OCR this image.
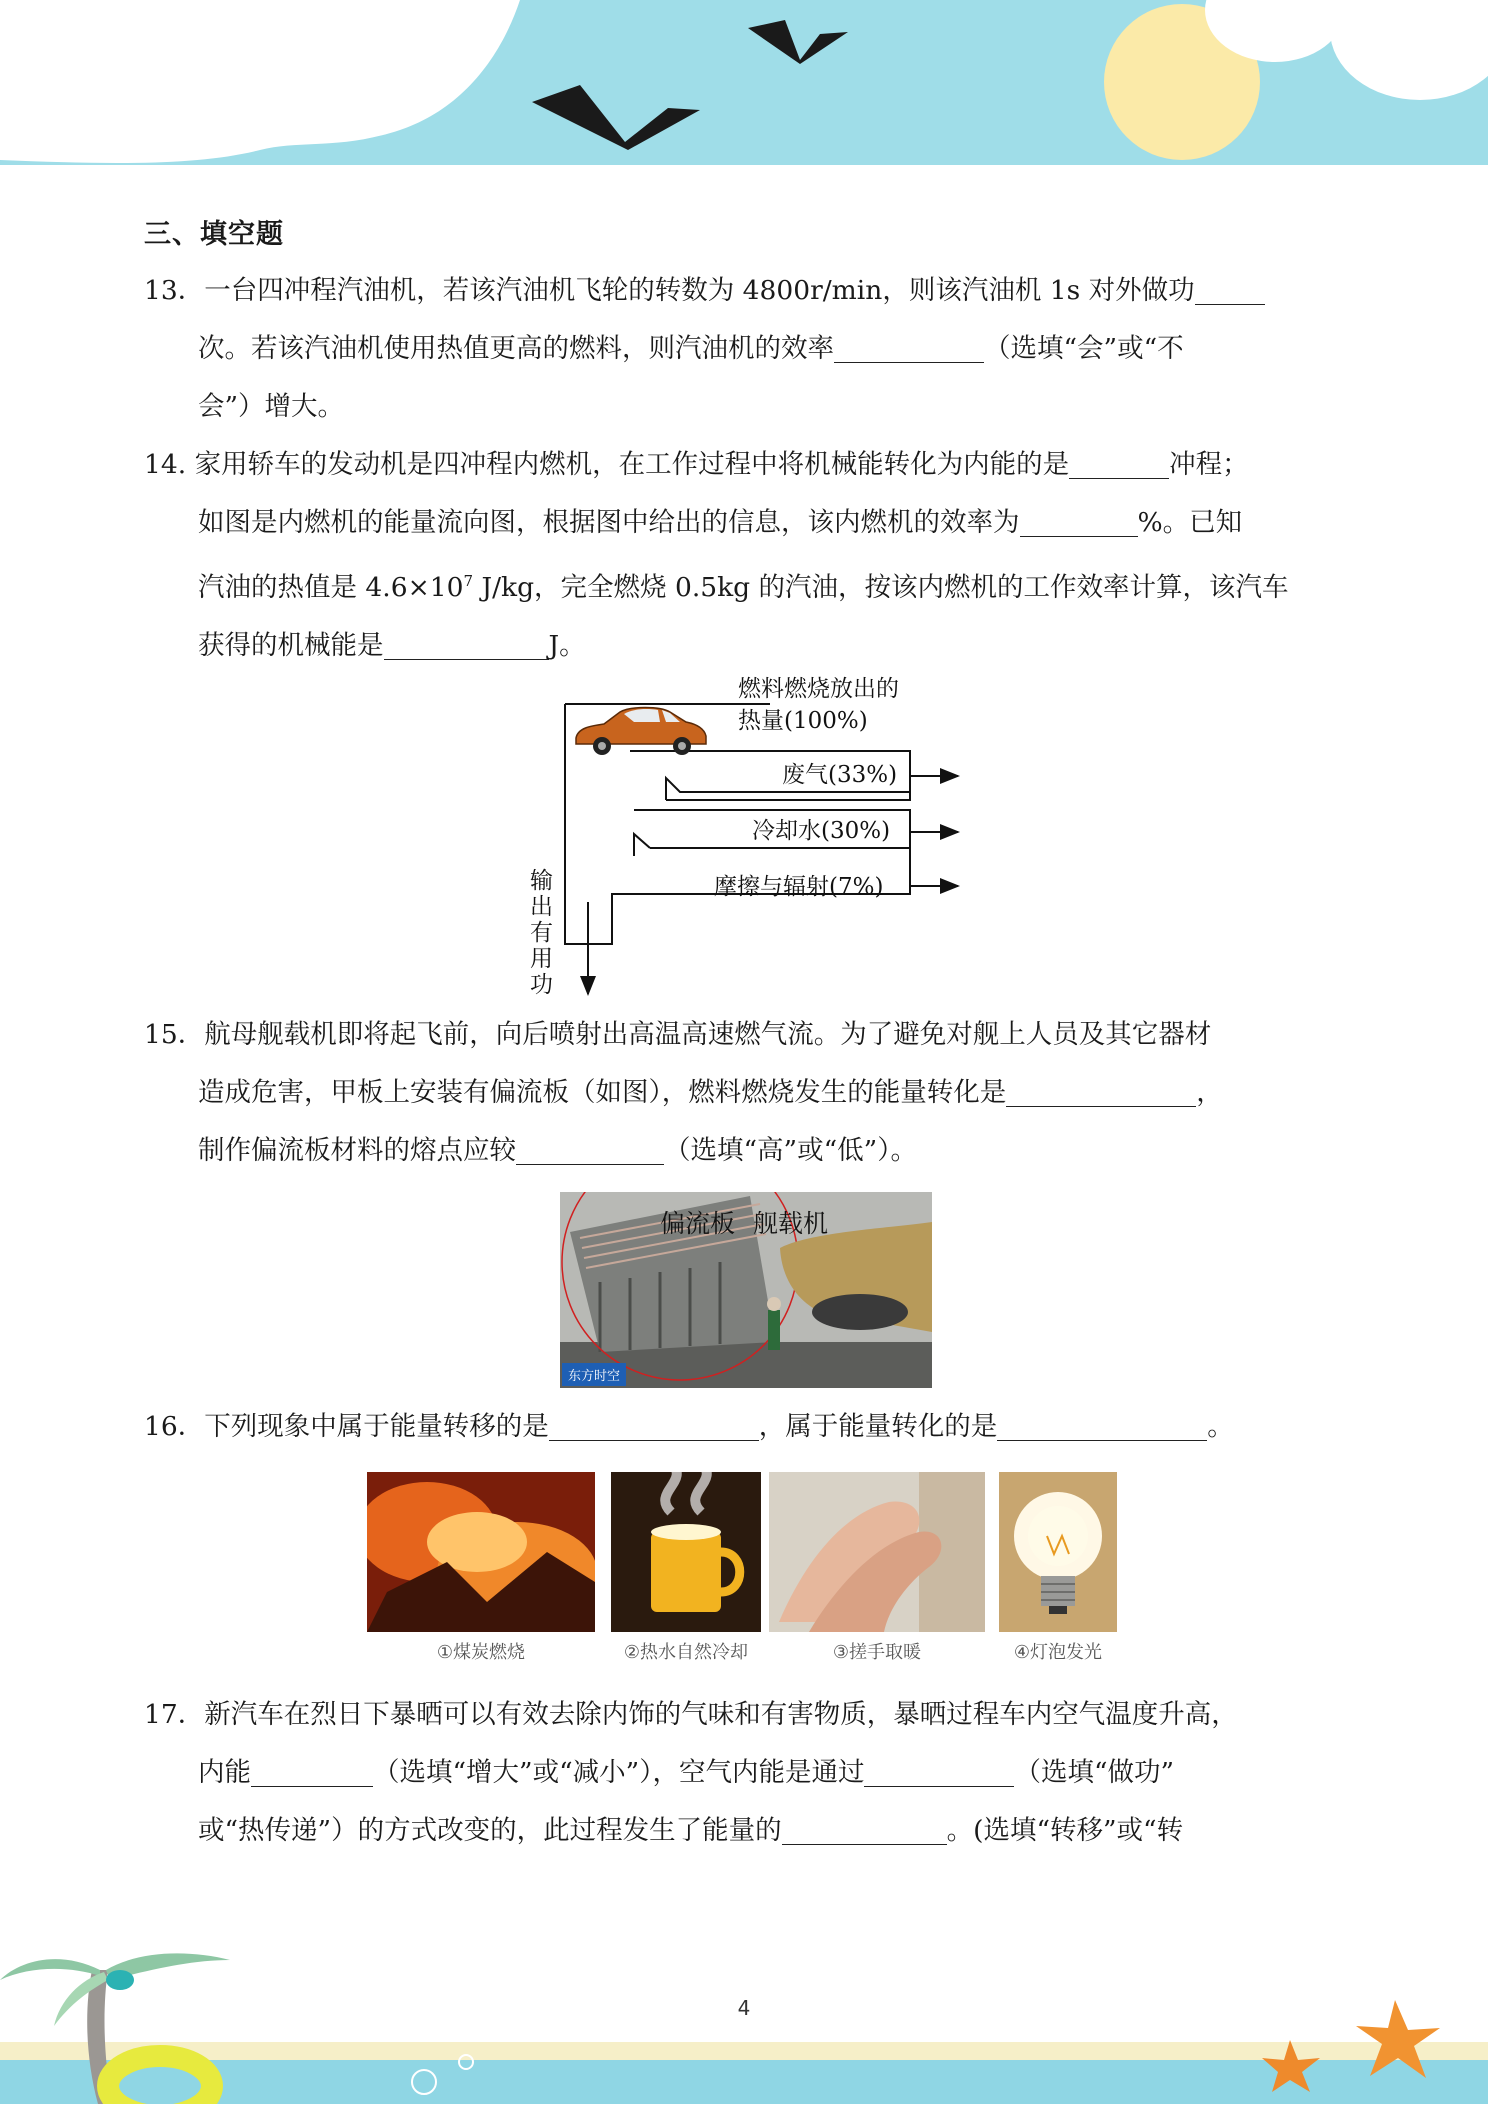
三、填空题
13．一台四冲程汽油机，若该汽油机飞轮的转数为 4800r/min，则该汽油机 1s 对外做功
次。若该汽油机使用热值更高的燃料，则汽油机的效率	（选填“会”或“不
会”）增大。
14. 家用轿车的发动机是四冲程内燃机，在工作过程中将机械能转化为内能的是	冲程；
如图是内燃机的能量流向图，根据图中给出的信息，该内燃机的效率为	%。已知
汽油的热值是 $4.6\times 10^7$ J/kg，完全燃烧 0.5kg 的汽油，按该内燃机的工作效率计算，该汽车
获得的机械能是	J。
燃料燃烧放出的
热量(100%)
废气(33%)
冷却水(30%)
摩擦与辐射(7%)
输
出
有
用
功
15．航母舰载机即将起飞前，向后喷射出高温高速燃气流。为了避免对舰上人员及其它器材
造成危害，甲板上安装有偏流板（如图），燃料燃烧发生的能量转化是	，
制作偏流板材料的熔点应较	（选填“高”或“低”）。
偏流板 舰载机
东方时空
16．下列现象中属于能量转移的是	，属于能量转化的是	。
①煤炭燃烧	②热水自然冷却	③搓手取暖	④灯泡发光
17．新汽车在烈日下暴晒可以有效去除内饰的气味和有害物质，暴晒过程车内空气温度升高，
内能	（选填“增大”或“减小”），空气内能是通过	（选填“做功”
或“热传递”）的方式改变的，此过程发生了能量的	。(选填“转移”或“转
4
